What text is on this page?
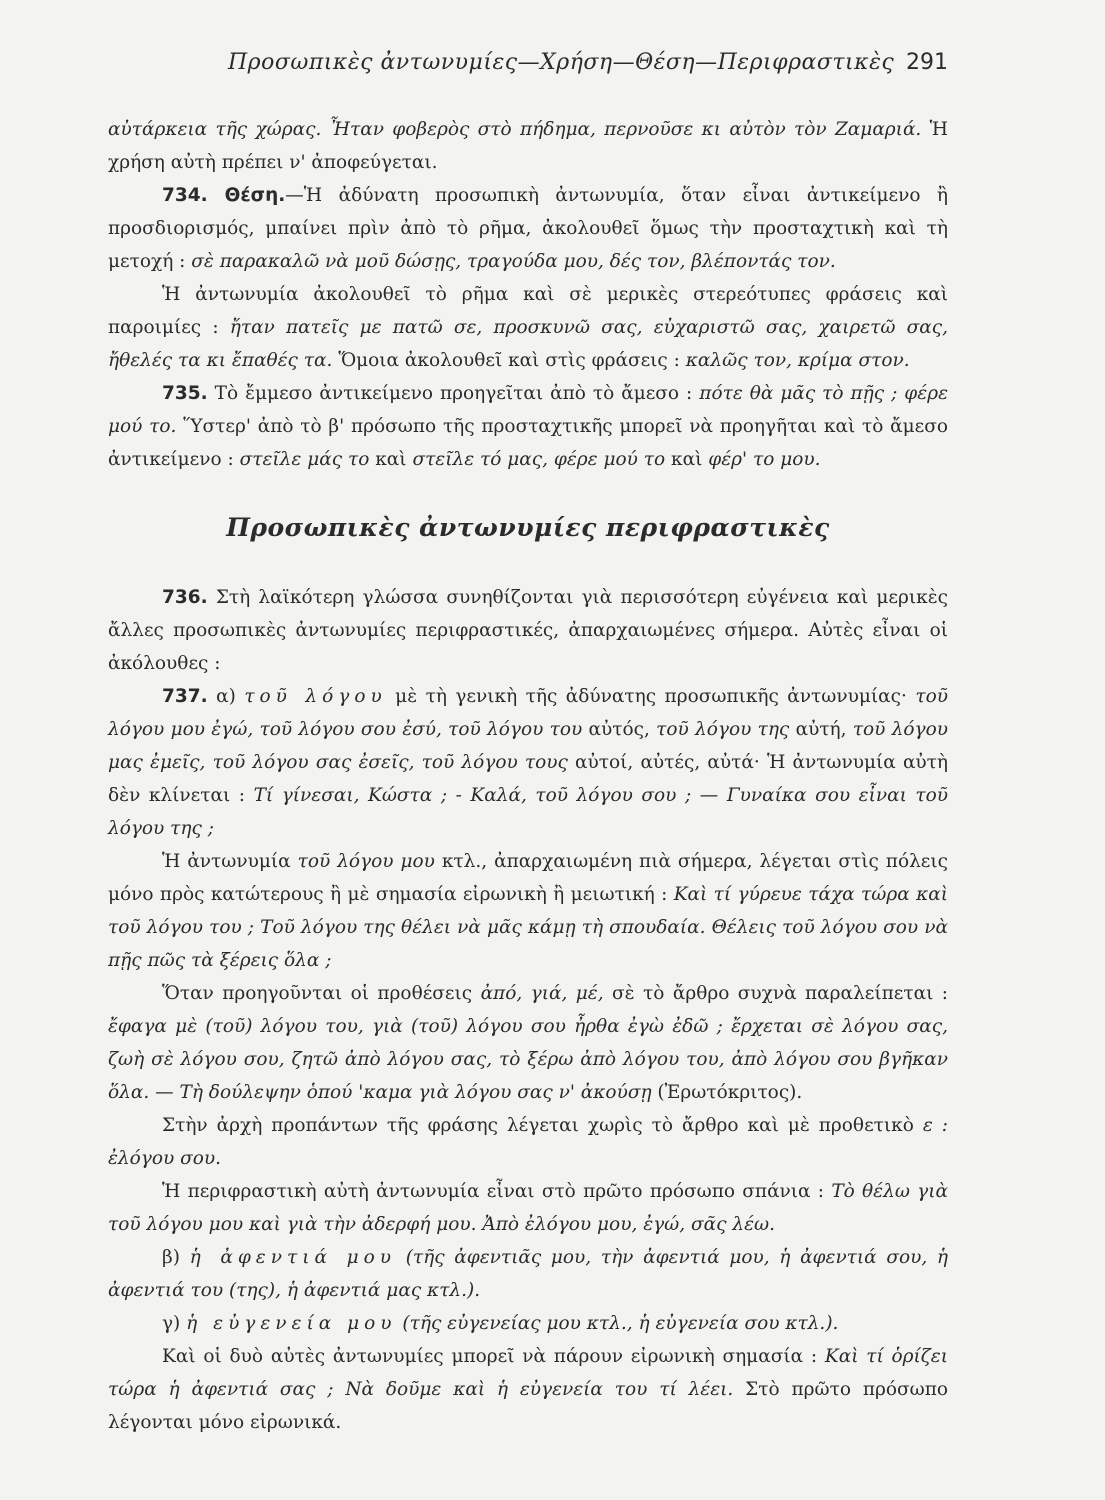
Προσωπικὲς ἀντωνυμίες—Χρήση—Θέση—Περιφραστικὲς 291

αὐτάρκεια τῆς χώρας. Ἦταν φοβερὸς στὸ πήδημα, περνοῦσε κι αὐτὸν τὸν Ζαμαριά. Ἡ χρήση αὐτὴ πρέπει ν' ἀποφεύγεται.

734. Θέση.—Ἡ ἀδύνατη προσωπικὴ ἀντωνυμία, ὅταν εἶναι ἀντικείμενο ἢ προσδιορισμός, μπαίνει πρὶν ἀπὸ τὸ ρῆμα, ἀκολουθεῖ ὅμως τὴν προσταχτικὴ καὶ τὴ μετοχή : σὲ παρακαλῶ νὰ μοῦ δώσῃς, τραγούδα μου, δές τον, βλέποντάς τον.

Ἡ ἀντωνυμία ἀκολουθεῖ τὸ ρῆμα καὶ σὲ μερικὲς στερεότυπες φράσεις καὶ παροιμίες : ἤταν πατεῖς με πατῶ σε, προσκυνῶ σας, εὐχαριστῶ σας, χαιρετῶ σας, ἤθελές τα κι ἔπαθές τα. Ὅμοια ἀκολουθεῖ καὶ στὶς φράσεις : καλῶς τον, κρίμα στον.

735. Τὸ ἔμμεσο ἀντικείμενο προηγεῖται ἀπὸ τὸ ἄμεσο : πότε θὰ μᾶς τὸ πῇς ; φέρε μού το. Ὕστερ' ἀπὸ τὸ β' πρόσωπο τῆς προσταχτικῆς μπορεῖ νὰ προηγῆται καὶ τὸ ἄμεσο ἀντικείμενο : στεῖλε μάς το καὶ στεῖλε τό μας, φέρε μού το καὶ φέρ' το μου.

Προσωπικὲς ἀντωνυμίες περιφραστικὲς

736. Στὴ λαϊκότερη γλώσσα συνηθίζονται γιὰ περισσότερη εὐγένεια καὶ μερικὲς ἄλλες προσωπικὲς ἀντωνυμίες περιφραστικές, ἀπαρχαιωμένες σήμερα. Αὐτὲς εἶναι οἱ ἀκόλουθες :

737. α) τοῦ λόγου μὲ τὴ γενικὴ τῆς ἀδύνατης προσωπικῆς ἀντωνυμίας· τοῦ λόγου μου ἐγώ, τοῦ λόγου σου ἐσύ, τοῦ λόγου του αὐτός, τοῦ λόγου της αὐτή, τοῦ λόγου μας ἐμεῖς, τοῦ λόγου σας ἐσεῖς, τοῦ λόγου τους αὐτοί, αὐτές, αὐτά· Ἡ ἀντωνυμία αὐτὴ δὲν κλίνεται : Τί γίνεσαι, Κώστα ; - Καλά, τοῦ λόγου σου ; — Γυναίκα σου εἶναι τοῦ λόγου της ;

Ἡ ἀντωνυμία τοῦ λόγου μου κτλ., ἀπαρχαιωμένη πιὰ σήμερα, λέγεται στὶς πόλεις μόνο πρὸς κατώτερους ἢ μὲ σημασία εἰρωνικὴ ἢ μειωτική : Καὶ τί γύρευε τάχα τώρα καὶ τοῦ λόγου του ; Τοῦ λόγου της θέλει νὰ μᾶς κάμῃ τὴ σπουδαία. Θέλεις τοῦ λόγου σου νὰ πῇς πῶς τὰ ξέρεις ὅλα ;

Ὅταν προηγοῦνται οἱ προθέσεις ἀπό, γιά, μέ, σὲ τὸ ἄρθρο συχνὰ παραλείπεται : ἔφαγα μὲ (τοῦ) λόγου του, γιὰ (τοῦ) λόγου σου ἦρθα ἐγὼ ἐδῶ ; ἔρχεται σὲ λόγου σας, ζωὴ σὲ λόγου σου, ζητῶ ἀπὸ λόγου σας, τὸ ξέρω ἀπὸ λόγου του, ἀπὸ λόγου σου βγῆκαν ὅλα. — Τὴ δούλεψην ὁπού 'καμα γιὰ λόγου σας ν' ἀκούσῃ (Ἐρωτόκριτος).

Στὴν ἀρχὴ προπάντων τῆς φράσης λέγεται χωρὶς τὸ ἄρθρο καὶ μὲ προθετικὸ ε : ἐλόγου σου.

Ἡ περιφραστικὴ αὐτὴ ἀντωνυμία εἶναι στὸ πρῶτο πρόσωπο σπάνια : Τὸ θέλω γιὰ τοῦ λόγου μου καὶ γιὰ τὴν ἀδερφή μου. Ἀπὸ ἐλόγου μου, ἐγώ, σᾶς λέω.

β) ἡ ἀφεντιά μου (τῆς ἀφεντιᾶς μου, τὴν ἀφεντιά μου, ἡ ἀφεντιά σου, ἡ ἀφεντιά του (της), ἡ ἀφεντιά μας κτλ.).

γ) ἡ εὐγενεία μου (τῆς εὐγενείας μου κτλ., ἡ εὐγενεία σου κτλ.).

Καὶ οἱ δυὸ αὐτὲς ἀντωνυμίες μπορεῖ νὰ πάρουν εἰρωνικὴ σημασία : Καὶ τί ὁρίζει τώρα ἡ ἀφεντιά σας ; Νὰ δοῦμε καὶ ἡ εὐγενεία του τί λέει. Στὸ πρῶτο πρόσωπο λέγονται μόνο εἰρωνικά.
